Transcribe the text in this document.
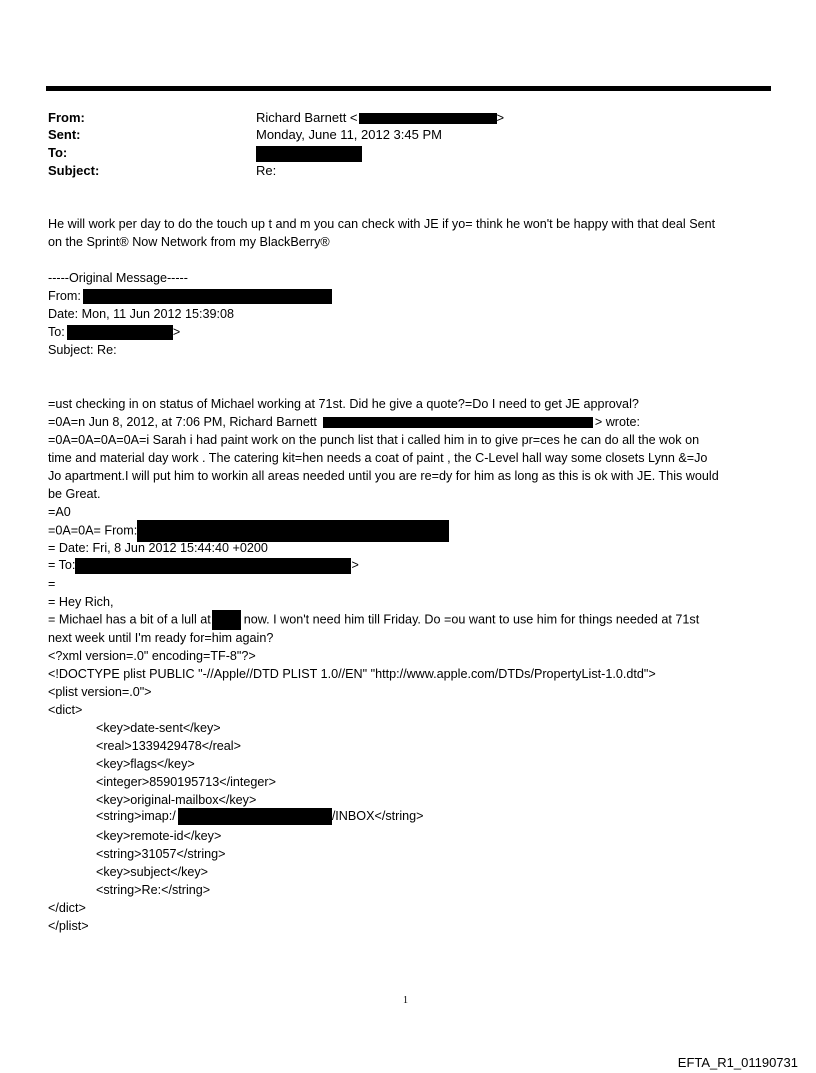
From:	Richard Barnett <	>
Sent:	Monday, June 11, 2012 3:45 PM
To:
Subject:	Re:
He will work per day to do the touch up t and m you can check with JE if yo= think he won't be happy with that deal Sent
on the Sprint® Now Network from my BlackBerry®
-----Original Message-----
From:
Date: Mon, 11 Jun 2012 15:39:08
To:	>
Subject: Re:
=ust checking in on status of Michael working at 71st. Did he give a quote?=Do I need to get JE approval?
=0A=n Jun 8, 2012, at 7:06 PM, Richard Barnett	> wrote:
=0A=0A=0A=0A=i Sarah i had paint work on the punch list that i called him in to give pr=ces he can do all the wok on
time and material day work . The catering kit=hen needs a coat of paint , the C-Level hall way some closets Lynn &=Jo
Jo apartment.I will put him to workin all areas needed until you are re=dy for him as long as this is ok with JE. This would
be Great.
=A0
=0A=0A= From:
= Date: Fri, 8 Jun 2012 15:44:40 +0200
= To:	>
=
= Hey Rich,
= Michael has a bit of a lull at	now. I won't need him till Friday. Do =ou want to use him for things needed at 71st
next week until I'm ready for=him again?
<?xml version=.0" encoding=TF-8"?>
<!DOCTYPE plist PUBLIC "-//Apple//DTD PLIST 1.0//EN" "http://www.apple.com/DTDs/PropertyList-1.0.dtd">
<plist version=.0">
<dict>
<key>date-sent</key>
<real>1339429478</real>
<key>flags</key>
<integer>8590195713</integer>
<key>original-mailbox</key>
<string>imap:/	/INBOX</string>
<key>remote-id</key>
<string>31057</string>
<key>subject</key>
<string>Re:</string>
</dict>
</plist>
1
EFTA_R1_01190731
